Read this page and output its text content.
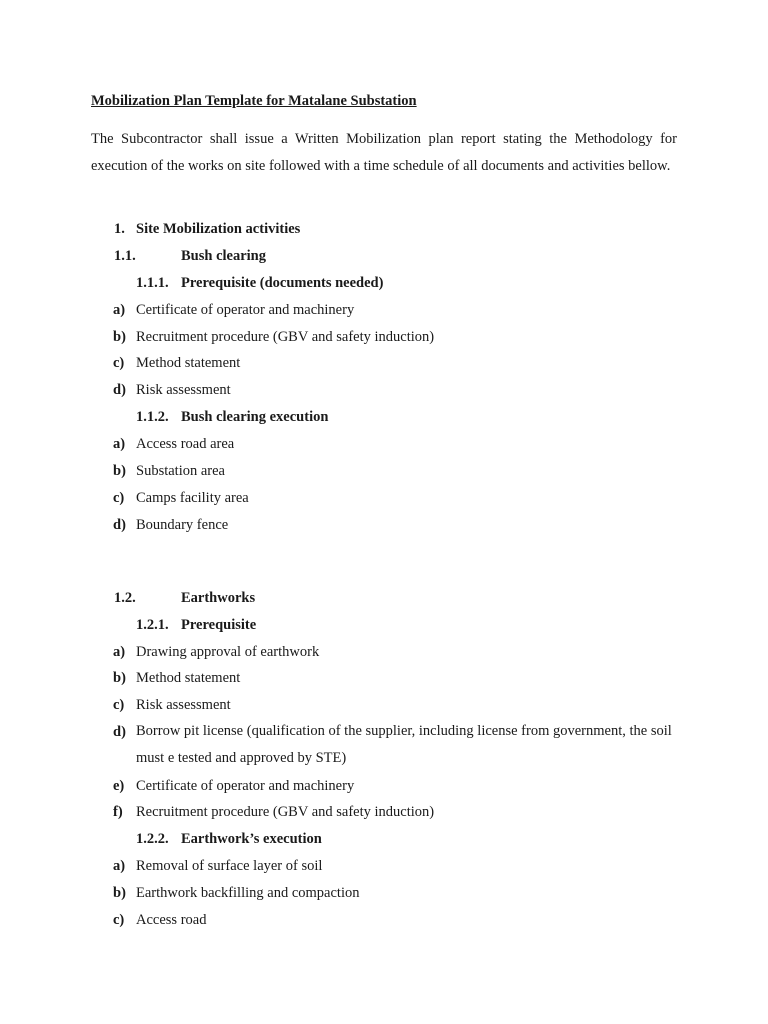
Mobilization Plan Template for Matalane Substation
The Subcontractor shall issue a Written Mobilization plan report stating the Methodology for execution of the works on site followed with a time schedule of all documents and activities bellow.
1. Site Mobilization activities
1.1.	Bush clearing
1.1.1. Prerequisite (documents needed)
a) Certificate of operator and machinery
b) Recruitment procedure (GBV and safety induction)
c) Method statement
d) Risk assessment
1.1.2. Bush clearing execution
a) Access road area
b) Substation area
c) Camps facility area
d) Boundary fence
1.2.	Earthworks
1.2.1. Prerequisite
a) Drawing approval of earthwork
b) Method statement
c) Risk assessment
d) Borrow pit license (qualification of the supplier, including license from government, the soil must e tested and approved by STE)
e) Certificate of operator and machinery
f) Recruitment procedure (GBV and safety induction)
1.2.2. Earthwork’s execution
a) Removal of surface layer of soil
b) Earthwork backfilling and compaction
c) Access road
